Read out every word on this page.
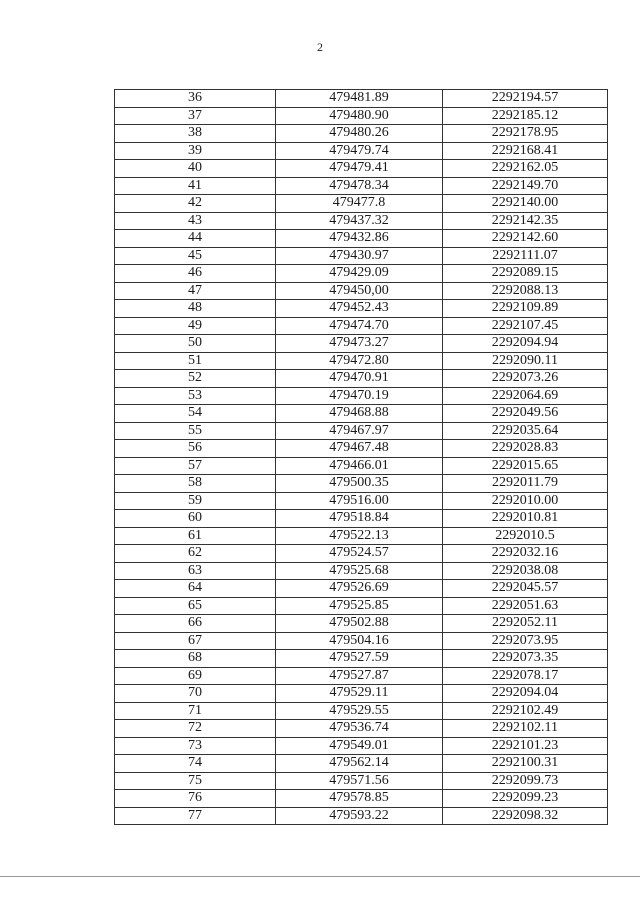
2
36	479481.89	2292194.57
37	479480.90	2292185.12
38	479480.26	2292178.95
39	479479.74	2292168.41
40	479479.41	2292162.05
41	479478.34	2292149.70
42	479477.8	2292140.00
43	479437.32	2292142.35
44	479432.86	2292142.60
45	479430.97	2292111.07
46	479429.09	2292089.15
47	479450,00	2292088.13
48	479452.43	2292109.89
49	479474.70	2292107.45
50	479473.27	2292094.94
51	479472.80	2292090.11
52	479470.91	2292073.26
53	479470.19	2292064.69
54	479468.88	2292049.56
55	479467.97	2292035.64
56	479467.48	2292028.83
57	479466.01	2292015.65
58	479500.35	2292011.79
59	479516.00	2292010.00
60	479518.84	2292010.81
61	479522.13	2292010.5
62	479524.57	2292032.16
63	479525.68	2292038.08
64	479526.69	2292045.57
65	479525.85	2292051.63
66	479502.88	2292052.11
67	479504.16	2292073.95
68	479527.59	2292073.35
69	479527.87	2292078.17
70	479529.11	2292094.04
71	479529.55	2292102.49
72	479536.74	2292102.11
73	479549.01	2292101.23
74	479562.14	2292100.31
75	479571.56	2292099.73
76	479578.85	2292099.23
77	479593.22	2292098.32
